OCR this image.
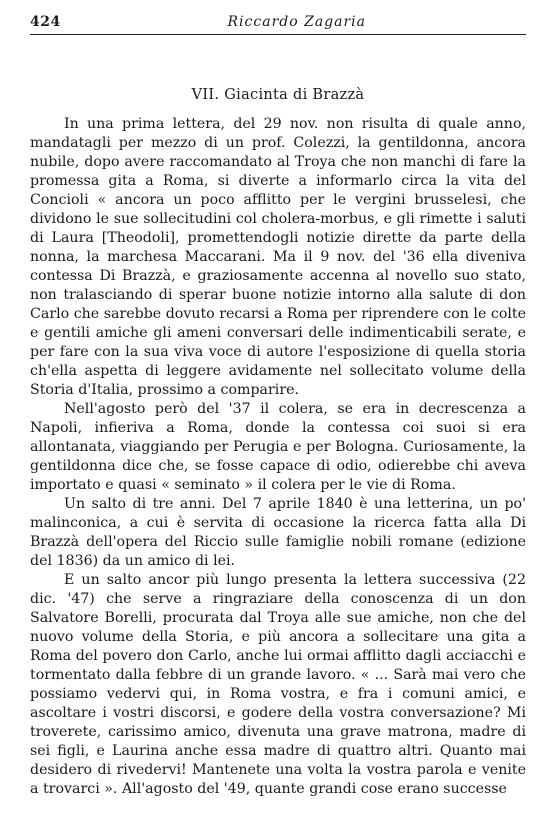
424	Riccardo Zagaria
VII. Giacinta di Brazzà

In una prima lettera, del 29 nov. non risulta di quale anno, mandatagli per mezzo di un prof. Colezzi, la gentildonna, ancora nubile, dopo avere raccomandato al Troya che non manchi di fare la promessa gita a Roma, si diverte a informarlo circa la vita del Concioli « ancora un poco afflitto per le vergini brusselesi, che dividono le sue sollecitudini col cholera-morbus, e gli rimette i saluti di Laura [Theodoli], promettendogli notizie dirette da parte della nonna, la marchesa Maccarani. Ma il 9 nov. del '36 ella diveniva contessa Di Brazzà, e graziosamente accenna al novello suo stato, non tralasciando di sperar buone notizie intorno alla salute di don Carlo che sarebbe dovuto recarsi a Roma per riprendere con le colte e gentili amiche gli ameni conversari delle indimenticabili serate, e per fare con la sua viva voce di autore l'esposizione di quella storia ch'ella aspetta di leggere avidamente nel sollecitato volume della Storia d'Italia, prossimo a comparire.

Nell'agosto però del '37 il colera, se era in decrescenza a Napoli, infieriva a Roma, donde la contessa coi suoi si era allontanata, viaggiando per Perugia e per Bologna. Curiosamente, la gentildonna dice che, se fosse capace di odio, odierebbe chi aveva importato e quasi « seminato » il colera per le vie di Roma.

Un salto di tre anni. Del 7 aprile 1840 è una letterina, un po' malinconica, a cui è servita di occasione la ricerca fatta alla Di Brazzà dell'opera del Riccio sulle famiglie nobili romane (edizione del 1836) da un amico di lei.

E un salto ancor più lungo presenta la lettera successiva (22 dic. '47) che serve a ringraziare della conoscenza di un don Salvatore Borelli, procurata dal Troya alle sue amiche, non che del nuovo volume della Storia, e più ancora a sollecitare una gita a Roma del povero don Carlo, anche lui ormai afflitto dagli acciacchi e tormentato dalla febbre di un grande lavoro. « ... Sarà mai vero che possiamo vedervi qui, in Roma vostra, e fra i comuni amici, e ascoltare i vostri discorsi, e godere della vostra conversazione? Mi troverete, carissimo amico, divenuta una grave matrona, madre di sei figli, e Laurina anche essa madre di quattro altri. Quanto mai desidero di rivedervi! Mantenete una volta la vostra parola e venite a trovarci ». All'agosto del '49, quante grandi cose erano successe
